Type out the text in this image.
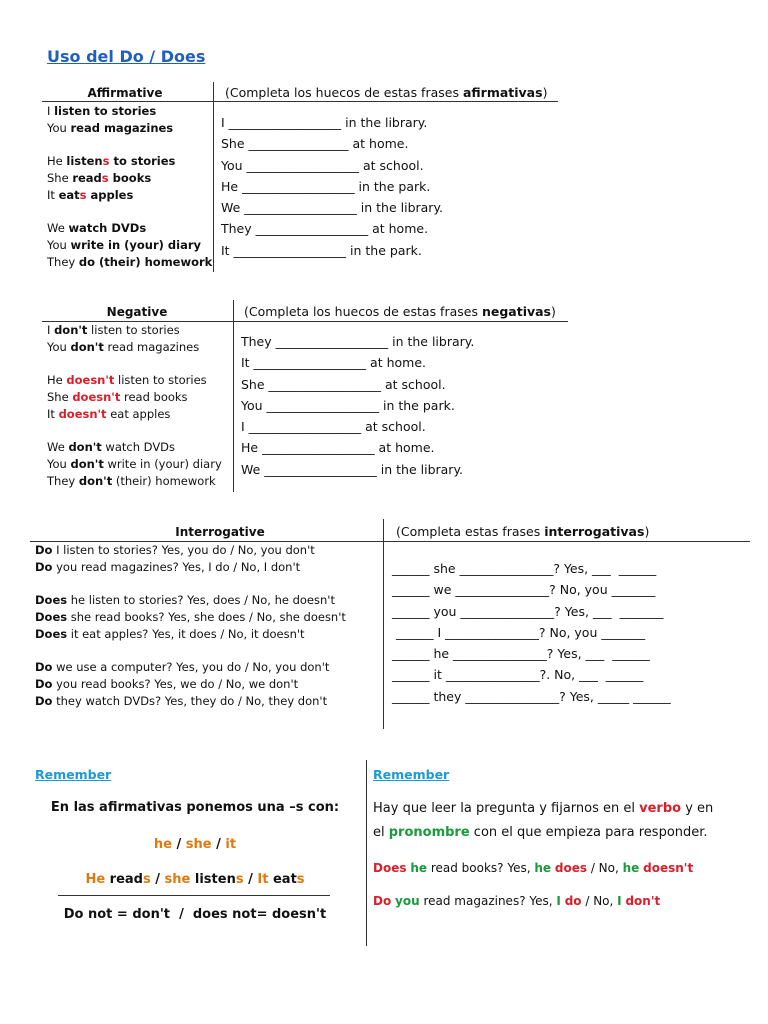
Uso del Do / Does
Affirmative	(Completa los huecos de estas frases afirmativas)
I listen to stories
You read magazines
He listens to stories
She reads books
It eats apples
We watch DVDs
You write in (your) diary
They do (their) homework
I __________________ in the library.
She ________________ at home.
You __________________ at school.
He __________________ in the park.
We __________________ in the library.
They __________________ at home.
It __________________ in the park.
Negative	(Completa los huecos de estas frases negativas)
I don't listen to stories
You don't read magazines
He doesn't listen to stories
She doesn't read books
It doesn't eat apples
We don't watch DVDs
You don't write in (your) diary
They don't (their) homework
They __________________ in the library.
It __________________ at home.
She __________________ at school.
You __________________ in the park.
I __________________ at school.
He __________________ at home.
We __________________ in the library.
Interrogative	(Completa estas frases interrogativas)
Do I listen to stories? Yes, you do / No, you don't
Do you read magazines? Yes, I do / No, I don't
Does he listen to stories? Yes, does / No, he doesn't
Does she read books? Yes, she does / No, she doesn't
Does it eat apples? Yes, it does / No, it doesn't
Do we use a computer? Yes, you do / No, you don't
Do you read books? Yes, we do / No, we don't
Do they watch DVDs? Yes, they do / No, they don't
______ she _______________? Yes, ___  ______
______ we _______________? No, you _______
______ you _______________? Yes, ___  _______
______ I _______________? No, you _______
______ he _______________? Yes, ___  ______
______ it _______________?. No, ___  ______
______ they _______________? Yes, _____ ______
Remember
En las afirmativas ponemos una –s con:
he / she / it
He reads / she listens / It eats
Do not = don't  /  does not= doesn't
Remember
Hay que leer la pregunta y fijarnos en el verbo y en
el pronombre con el que empieza para responder.
Does he read books? Yes, he does / No, he doesn't
Do you read magazines? Yes, I do / No, I don't
